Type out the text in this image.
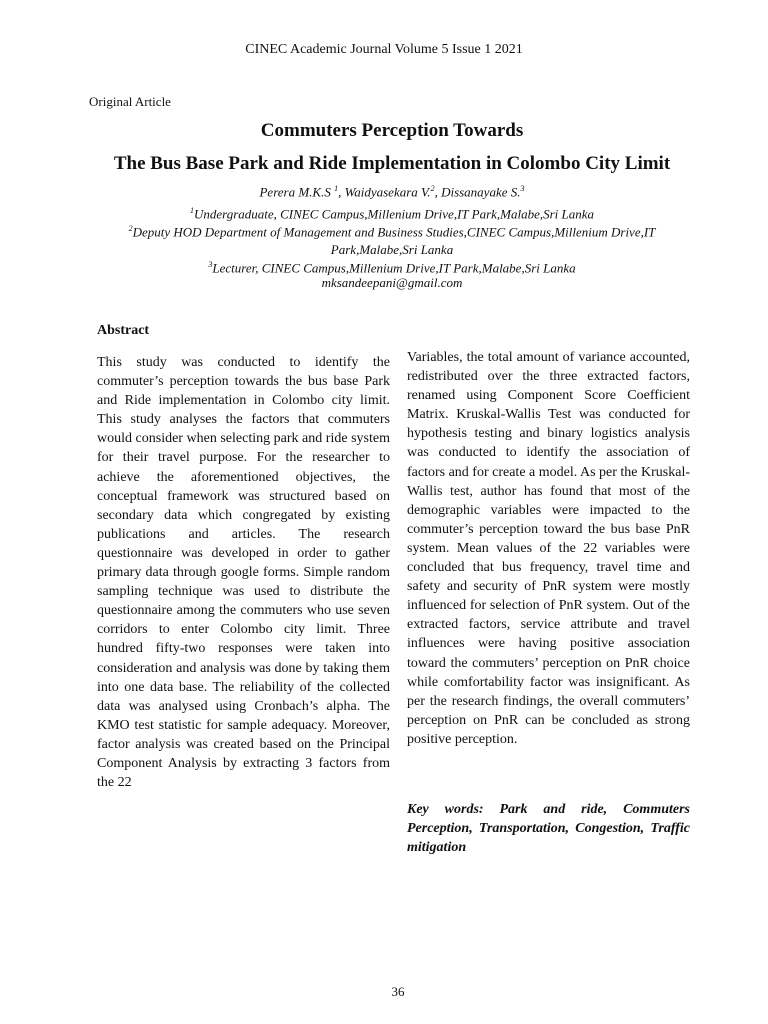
CINEC Academic Journal Volume 5 Issue 1 2021
Original Article
Commuters Perception Towards
The Bus Base Park and Ride Implementation in Colombo City Limit
Perera M.K.S $^1$, Waidyasekara V.$^2$, Dissanayake S.$^3$
$^1$Undergraduate, CINEC Campus,Millenium Drive,IT Park,Malabe,Sri Lanka
$^2$Deputy HOD Department of Management and Business Studies,CINEC Campus,Millenium Drive,IT Park,Malabe,Sri Lanka
$^3$Lecturer, CINEC Campus,Millenium Drive,IT Park,Malabe,Sri Lanka
mksandeepani@gmail.com
Abstract

This study was conducted to identify the commuter’s perception towards the bus base Park and Ride implementation in Colombo city limit. This study analyses the factors that commuters would consider when selecting park and ride system for their travel purpose. For the researcher to achieve the aforementioned objectives, the conceptual framework was structured based on secondary data which congregated by existing publications and articles. The research questionnaire was developed in order to gather primary data through google forms. Simple random sampling technique was used to distribute the questionnaire among the commuters who use seven corridors to enter Colombo city limit. Three hundred fifty-two responses were taken into consideration and analysis was done by taking them into one data base. The reliability of the collected data was analysed using Cronbach’s alpha. The KMO test statistic for sample adequacy. Moreover, factor analysis was created based on the Principal Component Analysis by extracting 3 factors from the 22

Variables, the total amount of variance accounted, redistributed over the three extracted factors, renamed using Component Score Coefficient Matrix. Kruskal-Wallis Test was conducted for hypothesis testing and binary logistics analysis was conducted to identify the association of factors and for create a model. As per the Kruskal-Wallis test, author has found that most of the demographic variables were impacted to the commuter’s perception toward the bus base PnR system. Mean values of the 22 variables were concluded that bus frequency, travel time and safety and security of PnR system were mostly influenced for selection of PnR system. Out of the extracted factors, service attribute and travel influences were having positive association toward the commuters’ perception on PnR choice while comfortability factor was insignificant. As per the research findings, the overall commuters’ perception on PnR can be concluded as strong positive perception.

Key words: Park and ride, Commuters Perception, Transportation, Congestion, Traffic mitigation

36
